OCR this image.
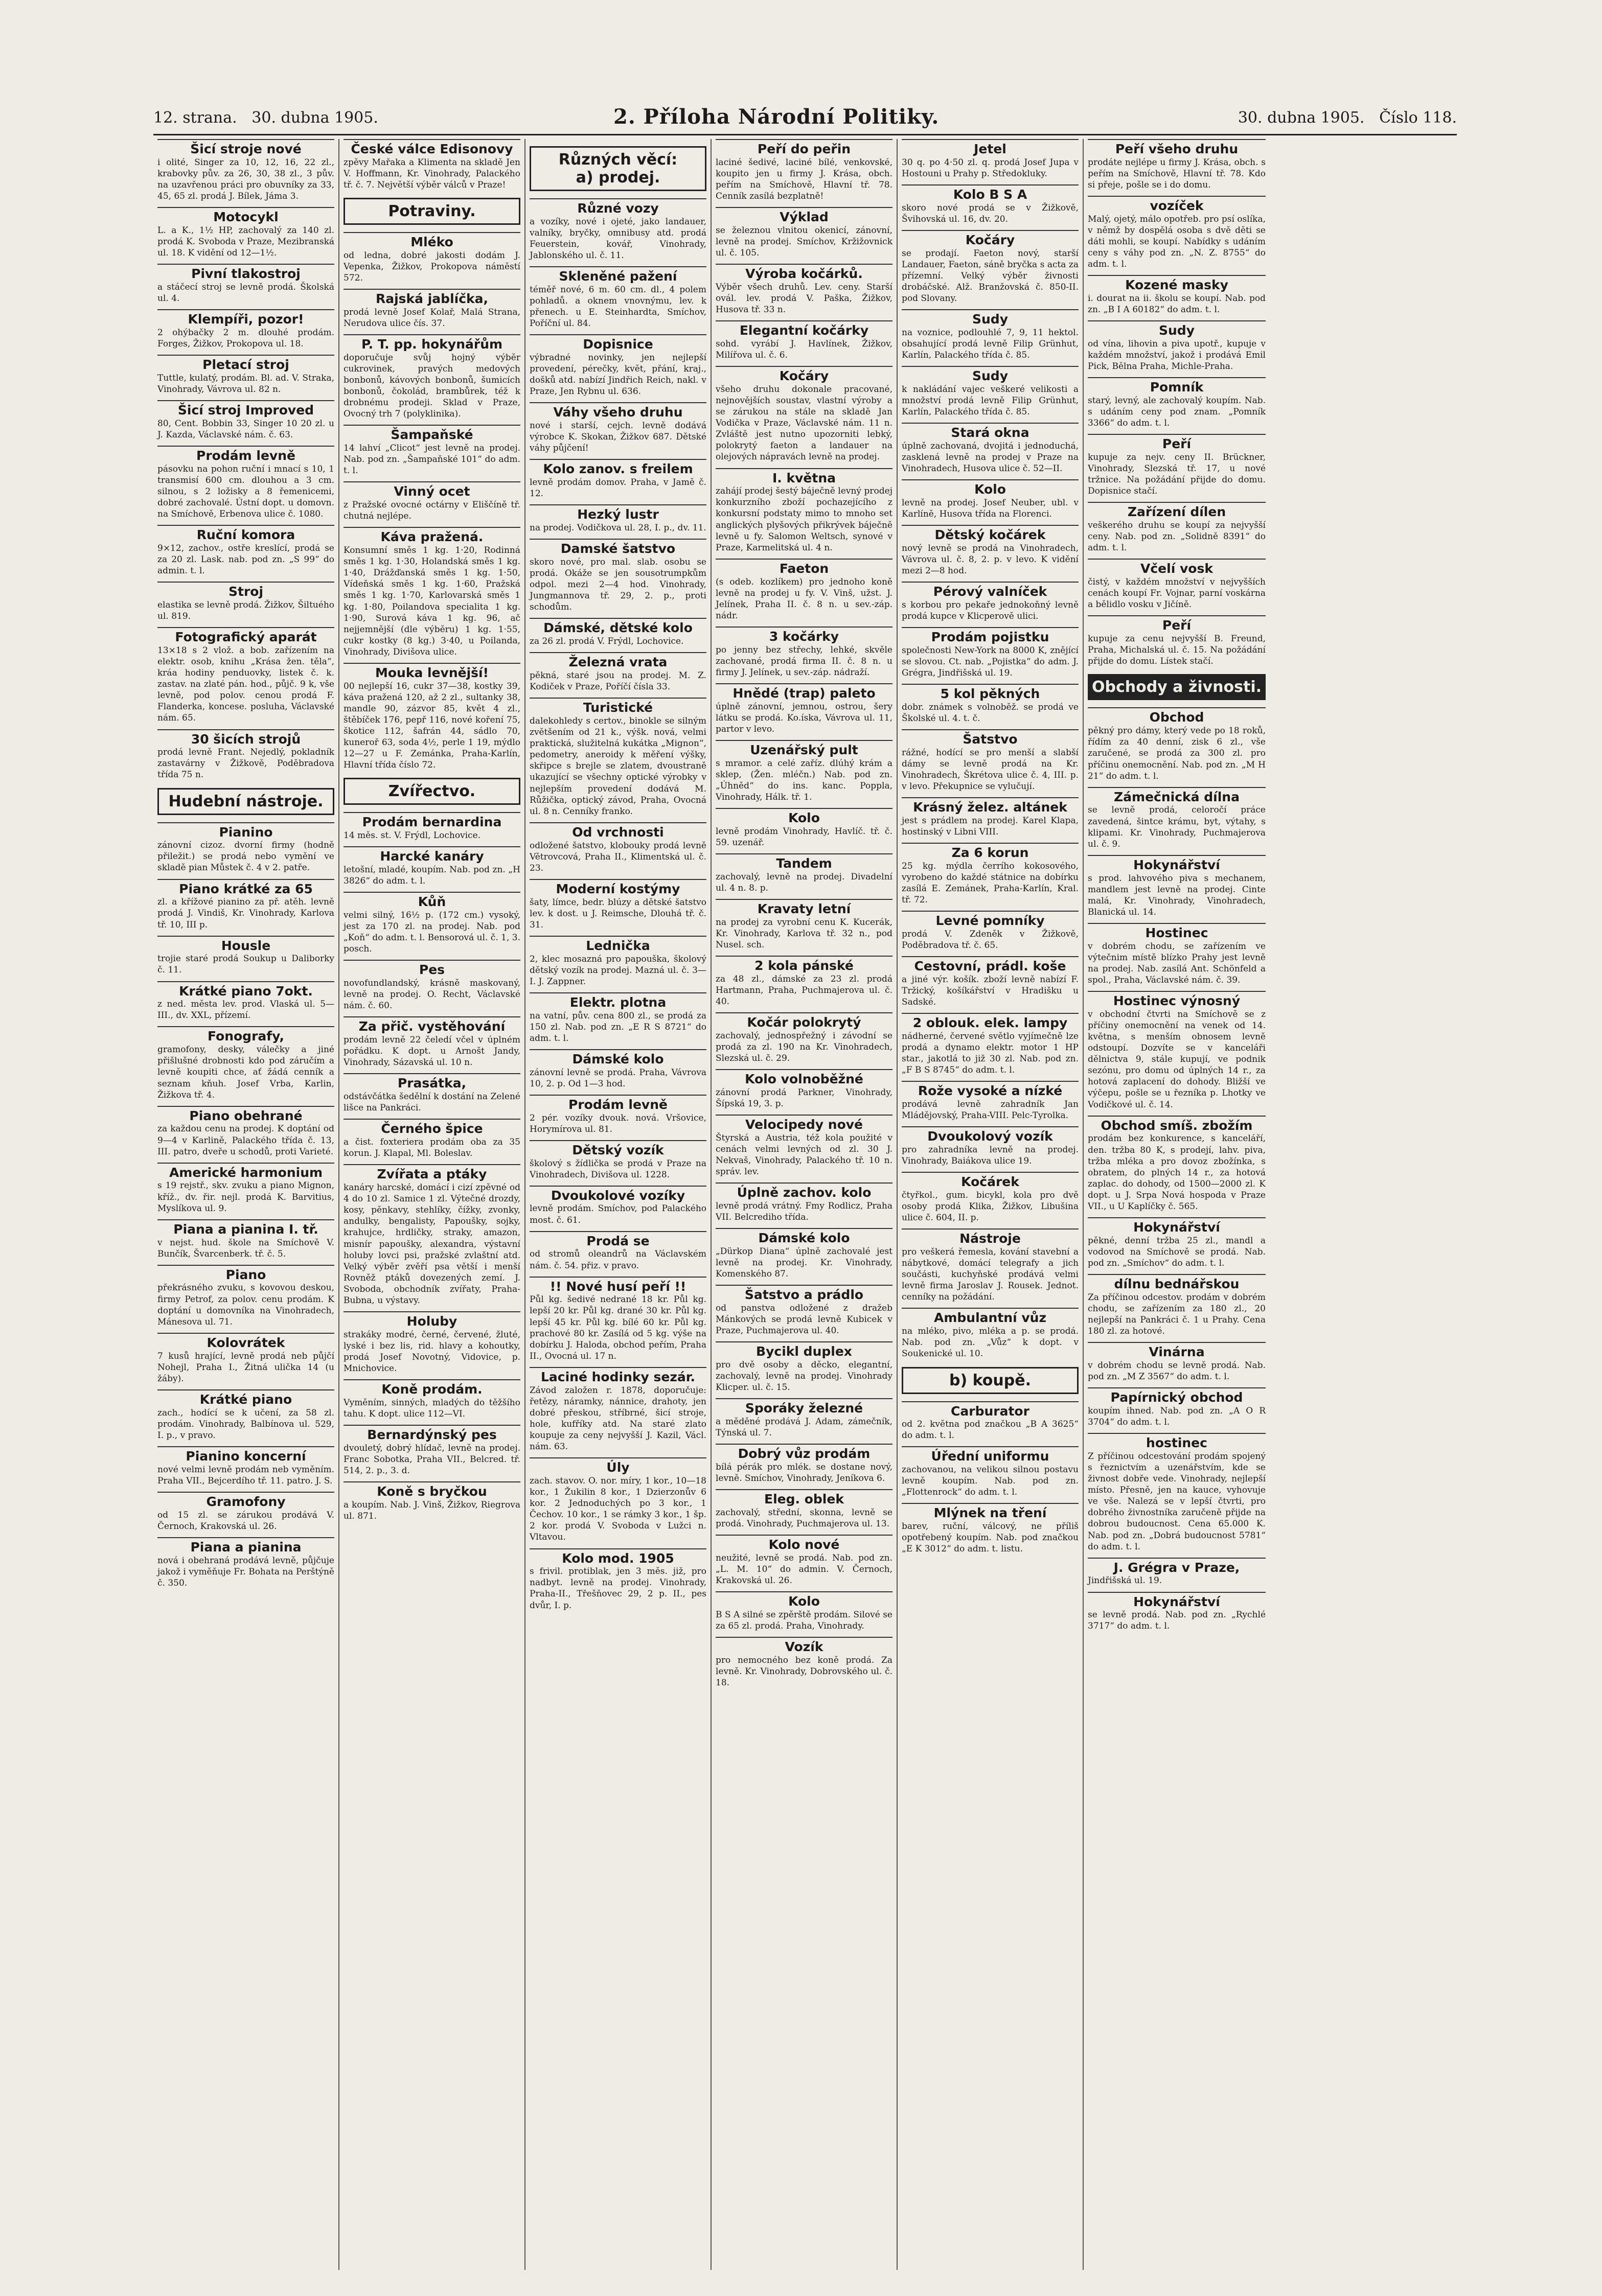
12. strana. 30. dubna 1905.	2. Příloha Národní Politiky.	30. dubna 1905. Číslo 118.
Šicí stroje nové
i olité, Singer za 10, 12, 16, 22 zl., krabovky pův. za 26, 30, 38 zl., 3 pův. na uzavřenou práci pro obuvníky za 33, 45, 65 zl. prodá J. Bílek, Jáma 3.
Motocykl
L. a K., 1½ HP, zachovalý za 140 zl. prodá K. Svoboda v Praze, Mezibranská ul. 18. K vidění od 12—1½.
Pivní tlakostroj
a stáčecí stroj se levně prodá. Školská ul. 4.
Klempíři, pozor!
2 ohýbačky 2 m. dlouhé prodám. Forges, Žižkov, Prokopova ul. 18.
Pletací stroj
Tuttle, kulatý, prodám. Bl. ad. V. Straka, Vinohrady, Vávrova ul. 82 n.
Šicí stroj Improved
80, Cent. Bobbin 33, Singer 10 20 zl. u J. Kazda, Václavské nám. č. 63.
Prodám levně
pásovku na pohon ruční i mnací s 10, 1 transmisí 600 cm. dlouhou a 3 cm. silnou, s 2 ložisky a 8 řemenicemi, dobré zachovalé. Ústní dopt. u domovn. na Smíchově, Erbenova ulice č. 1080.
Ruční komora
9×12, zachov., ostře kreslící, prodá se za 20 zl. Lask. nab. pod zn. „S 99“ do admin. t. l.
Stroj
elastika se levně prodá. Žižkov, Šiltuého ul. 819.
Fotografický aparát
13×18 s 2 vlož. a bob. zařízením na elektr. osob, knihu „Krása žen. těla“, kráa hodiny penduovky, listek č. k. zastav. na zlaté pán. hod., půjč. 9 k, vše levně, pod polov. cenou prodá F. Flanderka, koncese. posluha, Václavské nám. 65.
30 šicích strojů
prodá levně Frant. Nejedlý, pokladník zastavárny v Žižkově, Poděbradova třída 75 n.
Hudební nástroje.
Pianino
zánovní cizoz. dvorní firmy (hodně přiležit.) se prodá nebo vymění ve skladě pian Můstek č. 4 v 2. patře.
Piano krátké za 65
zl. a křížové pianino za př. atěh. levně prodá J. Vindiš, Kr. Vinohrady, Karlova tř. 10, III p.
Housle
trojie staré prodá Soukup u Daliborky č. 11.
Krátké piano 7okt.
z ned. města lev. prod. Vlaská ul. 5—III., dv. XXL, přízemí.
Fonografy,
gramofony, desky, válečky a jiné přišlušné drobnosti kdo pod záručím a levně koupiti chce, ať žádá cenník a seznam kňuh. Josef Vrba, Karlin, Žižkova tř. 4.
Piano obehrané
za každou cenu na prodej. K doptání od 9—4 v Karlině, Palackého třída č. 13, III. patro, dveře u schodů, proti Varieté.
Americké harmonium
s 19 rejstř., skv. zvuku a piano Mignon, kříž., dv. řir. nejl. prodá K. Barvitius, Myslíkova ul. 9.
Piana a pianina I. tř.
v nejst. hud. škole na Smíchově V. Bunčík, Švarcenberk. tř. č. 5.
Piano
překrásného zvuku, s kovovou deskou, firmy Petrof, za polov. cenu prodám. K doptání u domovníka na Vinohradech, Mánesova ul. 71.
Kolovrátek
7 kusů hrající, levně prodá neb půjčí Nohejl, Praha I., Žitná ulička 14 (u žáby).
Krátké piano
zach., hodící se k učení, za 58 zl. prodám. Vinohrady, Balbínova ul. 529, I. p., v pravo.
Pianino koncerní
nové velmi levně prodám neb vyměním. Praha VII., Bejcerdího tř. 11. patro. J. S.
Gramofony
od 15 zl. se zárukou prodává V. Černoch, Krakovská ul. 26.
Piana a pianina
nová i obehraná prodává levně, půjčuje jakož i vyměňuje Fr. Bohata na Perštýně č. 350.
České válce Edisonovy
zpěvy Mařaka a Klimenta na skladě Jen V. Hoffmann, Kr. Vinohrady, Palackého tř. č. 7. Největší výběr válců v Praze!
Potraviny.
Mléko
od ledna, dobré jakosti dodám J. Vepenka, Žižkov, Prokopova náměstí 572.
Rajská jablíčka,
prodá levně Josef Kolař, Malá Strana, Nerudova ulice čís. 37.
P. T. pp. hokynářům
doporučuje svůj hojný výběr cukrovinek, pravých medových bonbonů, kávových bonbonů, šumicích bonbonů, čokolád, brambůrek, též k drobnému prodeji. Sklad v Praze, Ovocný trh 7 (polyklinika).
Šampaňské
14 lahví „Clicot“ jest levně na prodej. Nab. pod zn. „Šampaňské 101“ do adm. t. l.
Vinný ocet
z Pražské ovocné octárny v Eliščíně tř. chutná nejlépe.
Káva pražená.
Konsumní směs 1 kg. 1·20, Rodinná směs 1 kg. 1·30, Holandská směs 1 kg. 1·40, Drážďanská směs 1 kg. 1·50, Vídeňská směs 1 kg. 1·60, Pražská směs 1 kg. 1·70, Karlovarská směs 1 kg. 1·80, Poilandova specialita 1 kg. 1·90, Surová káva 1 kg. 96, ač nejjemnější (dle výběru) 1 kg. 1·55, cukr kostky (8 kg.) 3·40, u Poilanda, Vinohrady, Divišova ulice.
Mouka levnější!
00 nejlepší 16, cukr 37—38, kostky 39, káva pražená 120, až 2 zl., sultanky 38, mandle 90, zázvor 85, květ 4 zl., štěbíček 176, pepř 116, nové koření 75, škotice 112, šafrán 44, sádlo 70, kuneroř 63, soda 4½, perle 1 19, mýdlo 12—27 u F. Zemánka, Praha-Karlín, Hlavní třída číslo 72.
Zvířectvo.
Prodám bernardina
14 měs. st. V. Frýdl, Lochovice.
Harcké kanáry
letošní, mladé, koupím. Nab. pod zn. „H 3826“ do adm. t. l.
Kůň
velmi silný, 16½ p. (172 cm.) vysoký, jest za 170 zl. na prodej. Nab. pod „Koň“ do adm. t. l. Bensorová ul. č. 1, 3. posch.
Pes
novofundlandský, krásně maskovaný, levně na prodej. O. Recht, Václavské nám. č. 60.
Za přič. vystěhování
prodám levně 22 čeledí včel v úplném pořádku. K dopt. u Arnošt Jandy, Vinohrady, Sázavská ul. 10 n.
Prasátka,
odstávčátka šedělní k dostání na Zelené lišce na Pankráci.
Černého špice
a čist. foxteriera prodám oba za 35 korun. J. Klapal, Ml. Boleslav.
Zvířata a ptáky
kanáry harcské, domácí i cizí zpěvné od 4 do 10 zl. Samice 1 zl. Výtečné drozdy, kosy, pěnkavy, stehlíky, čížky, zvonky, andulky, bengalisty, Papoušky, sojky, krahujce, hrdličky, straky, amazon, misnír papoušky, alexandra, výstavní holuby lovci psi, pražské zvlaštní atd. Velký výběr zvěří psa větší i menší Rovněž ptáků dovezených zemí. J. Svoboda, obchodník zvířaty, Praha-Bubna, u výstavy.
Holuby
strakáky modré, černé, červené, žluté, lyské i bez lis, rid. hlavy a kohoutky, prodá Josef Novotný, Vidovice, p. Mnichovice.
Koně prodám.
Vyměním, sinných, mladých do těžšího tahu. K dopt. ulice 112—VI.
Bernardýnský pes
dvouletý, dobrý hlídač, levně na prodej. Franc Sobotka, Praha VII., Belcred. tř. 514, 2. p., 3. d.
Koně s bryčkou
a koupím. Nab. J. Vinš, Žižkov, Riegrova ul. 871.
Různých věcí:
a) prodej.
Různé vozy
a vozíky, nové i ojeté, jako landauer, valníky, bryčky, omnibusy atd. prodá Feuerstein, kovář, Vinohrady, Jablonského ul. č. 11.
Skleněné pažení
téměř nové, 6 m. 60 cm. dl., 4 polem pohladů. a oknem vnovnýmu, lev. k přenech. u E. Steinhardta, Smíchov, Poříční ul. 84.
Dopisnice
výbradné novinky, jen nejlepší provedení, pérečky, květ, přání, kraj., došků atd. nabízí Jindřich Reich, nakl. v Praze, Jen Rybnu ul. 636.
Váhy všeho druhu
nové i starší, cejch. levně dodává výrobce K. Skokan, Žižkov 687. Dětské váhy půjčení!
Kolo zanov. s freilem
levně prodám domov. Praha, v Jamě č. 12.
Hezký lustr
na prodej. Vodičkova ul. 28, I. p., dv. 11.
Damské šatstvo
skoro nové, pro mal. slab. osobu se prodá. Okáže se jen sousotrumpkům odpol. mezi 2—4 hod. Vinohrady, Jungmannova tř. 29, 2. p., proti schodům.
Dámské, dětské kolo
za 26 zl. prodá V. Frýdl, Lochovice.
Železná vrata
pěkná, staré jsou na prodej. M. Z. Kodiček v Praze, Poříčí čísla 33.
Turistické
dalekohledy s certov., binokle se silným zvětšením od 21 k., výšk. nová, velmi praktická, služitelná kukátka „Mignon“, pedometry, aneroidy k měření výšky, skřipce s brejle se zlatem, dvoustraně ukazující se všechny optické výrobky v nejlepším provedení dodává M. Růžička, optický závod, Praha, Ovocná ul. 8 n. Cenníky franko.
Od vrchnosti
odložené šatstvo, klobouky prodá levně Větrovcová, Praha II., Klimentská ul. č. 23.
Moderní kostýmy
šaty, límce, bedr. blúzy a dětské šatstvo lev. k dost. u J. Reimsche, Dlouhá tř. č. 31.
Lednička
2, klec mosazná pro papouška, školový dětský vozík na prodej. Mazná ul. č. 3—I. J. Zappner.
Elektr. plotna
na vatní, pův. cena 800 zl., se prodá za 150 zl. Nab. pod zn. „E R S 8721“ do adm. t. l.
Dámské kolo
zánovní levně se prodá. Praha, Vávrova 10, 2. p. Od 1—3 hod.
Prodám levně
2 pér. vozíky dvouk. nová. Vršovice, Horymírova ul. 81.
Dětský vozík
školový s žídlička se prodá v Praze na Vinohradech, Divišova ul. 1228.
Dvoukolové vozíky
levně prodám. Smíchov, pod Palackého most. č. 61.
Prodá se
od stromů oleandrů na Václavském nám. č. 54. přiz. v pravo.
!! Nové husí peří !!
Půl kg. šedivé nedrané 18 kr. Půl kg. lepší 20 kr. Půl kg. drané 30 kr. Půl kg. lepší 45 kr. Půl kg. bílé 60 kr. Půl kg. prachové 80 kr. Zasílá od 5 kg. výše na dobírku J. Haloda, obchod peřím, Praha II., Ovocná ul. 17 n.
Laciné hodinky sezár.
Závod založen r. 1878, doporučuje: řetězy, náramky, nánnice, drahoty, jen dobré přeskou, stříbrné, šicí stroje, hole, kufříky atd. Na staré zlato koupuje za ceny nejvyšší J. Kazil, Václ. nám. 63.
Úly
zach. stavov. O. nor. míry, 1 kor., 10—18 kor., 1 Žukilin 8 kor., 1 Dzierzonův 6 kor. 2 Jednoduchých po 3 kor., 1 Čechov. 10 kor., 1 se rámky 3 kor., 1 šp. 2 kor. prodá V. Svoboda v Lužci n. Vltavou.
Kolo mod. 1905
s frivil. protiblak, jen 3 měs. již, pro nadbyt. levně na prodej. Vinohrady, Praha-II., Třešňovec 29, 2 p. II., pes dvůr, I. p.
Peří do peřin
laciné šedivé, laciné bílé, venkovské, koupito jen u firmy J. Krása, obch. peřím na Smíchově, Hlavní tř. 78. Cenník zasílá bezplatně!
Výklad
se železnou vlnitou okenicí, zánovní, levně na prodej. Smíchov, Kržižovnick ul. č. 105.
Výroba kočárků.
Výběr všech druhů. Lev. ceny. Starší ovál. lev. prodá V. Paška, Žižkov, Husova tř. 33 n.
Elegantní kočárky
sohd. vyrábí J. Havlínek, Žižkov, Milířova ul. č. 6.
Kočáry
všeho druhu dokonale pracované, nejnovějších soustav, vlastní výroby a se zárukou na stále na skladě Jan Vodička v Praze, Václavské nám. 11 n. Zvláště jest nutno upozorniti lebký, polokrytý faeton a landauer na olejových nápravách levně na prodej.
I. května
zahájí prodej šestý báječně levný prodej konkurzního zboží pochazejícího z konkursní podstaty mimo to mnoho set anglických plyšových přikrývek báječně levně u fy. Salomon Weltsch, synové v Praze, Karmelitská ul. 4 n.
Faeton
(s odeb. kozlíkem) pro jednoho koně levně na prodej u fy. V. Vinš, užst. J. Jelínek, Praha II. č. 8 n. u sev.-záp. nádr.
3 kočárky
po jenny bez střechy, lehké, skvěle zachované, prodá firma II. č. 8 n. u firmy J. Jelínek, u sev.-záp. nádraží.
Hnědé (trap) paleto
úplně zánovní, jemnou, ostrou, šery látku se prodá. Ko.íska, Vávrova ul. 11, partor v levo.
Uzenářský pult
s mramor. a celé zaříz. dlúhý krám a sklep, (Žen. mléčn.) Nab. pod zn. „Úhněd“ do ins. kanc. Poppla, Vinohrady, Hálk. tř. 1.
Kolo
levně prodám Vinohrady, Havlíč. tř. č. 59. uzenář.
Tandem
zachovalý, levně na prodej. Divadelní ul. 4 n. 8. p.
Kravaty letní
na prodej za vyrobní cenu K. Kucerák, Kr. Vinohrady, Karlova tř. 32 n., pod Nusel. sch.
2 kola pánské
za 48 zl., dámské za 23 zl. prodá Hartmann, Praha, Puchmajerova ul. č. 40.
Kočár polokrytý
zachovalý, jednospřežný i závodní se prodá za zl. 190 na Kr. Vinohradech, Slezská ul. č. 29.
Kolo volnoběžné
zánovní prodá Parkner, Vinohrady, Šípská 19, 3. p.
Velocipedy nové
Štyrská a Austria, též kola použité v cenách velmi levných od zl. 30 J. Nekvaš, Vinohrady, Palackého tř. 10 n. správ. lev.
Úplně zachov. kolo
levně prodá vrátný. Fmy Rodlicz, Praha VII. Belcrediho třída.
Dámské kolo
„Dürkop Diana“ úplně zachovalé jest levně na prodej. Kr. Vinohrady, Komenského 87.
Šatstvo a prádlo
od panstva odložené z dražeb Mánkových se prodá levně Kubicek v Praze, Puchmajerova ul. 40.
Bycikl duplex
pro dvě osoby a děcko, elegantní, zachovalý, levně na prodej. Vinohrady Klicper. ul. č. 15.
Sporáky železné
a měděné prodává J. Adam, zámečník, Týnská ul. 7.
Dobrý vůz prodám
bílá pérák pro mlék. se dostane nový, levně. Smíchov, Vinohrady, Jeníkova 6.
Eleg. oblek
zachovalý, střední, skonna, levně se prodá. Vinohrady, Puchmajerova ul. 13.
Kolo nové
neužité, levně se prodá. Nab. pod zn. „L. M. 10“ do admin. V. Černoch, Krakovská ul. 26.
Kolo
B S A silné se zpěrště prodám. Silové se za 65 zl. prodá. Praha, Vinohrady.
Vozík
pro nemocného bez koně prodá. Za levně. Kr. Vinohrady, Dobrovského ul. č. 18.
Jetel
30 q. po 4·50 zl. q. prodá Josef Jupa v Hostouni u Prahy p. Středokluky.
Kolo B S A
skoro nové prodá se v Žižkově, Švihovská ul. 16, dv. 20.
Kočáry
se prodají. Faeton nový, starší Landauer, Faeton, sáně bryčka s acta za přízemní. Velký výběr živnosti drobáčské. Alž. Branžovská č. 850-II. pod Slovany.
Sudy
na voznice, podlouhlé 7, 9, 11 hektol. obsahující prodá levně Filip Grünhut, Karlín, Palackého třída č. 85.
Sudy
k nakládání vajec veškeré velikosti a množství prodá levně Filip Grünhut, Karlín, Palackého třída č. 85.
Stará okna
úplně zachovaná, dvojitá i jednoduchá, zasklená levně na prodej v Praze na Vinohradech, Husova ulice č. 52—II.
Kolo
levně na prodej. Josef Neuber, ubl. v Karlíně, Husova třída na Florenci.
Dětský kočárek
nový levně se prodá na Vinohradech, Vávrova ul. č. 8, 2. p. v levo. K vidění mezi 2—8 hod.
Pérový valníček
s korbou pro pekaře jednokoňný levně prodá kupce v Klicperově ulici.
Prodám pojistku
společnosti New-York na 8000 K, znějící se slovou. Ct. nab. „Pojistka“ do adm. J. Grégra, Jindřišská ul. 19.
5 kol pěkných
dobr. známek s volnoběž. se prodá ve Školské ul. 4. t. č.
Šatstvo
rážné, hodící se pro menší a slabší dámy se levně prodá na Kr. Vinohradech, Škrétova ulice č. 4, III. p. v levo. Překupnice se vylučují.
Krásný želez. altánek
jest s prádlem na prodej. Karel Klapa, hostinský v Libni VIII.
Za 6 korun
25 kg. mýdla čerrího kokosového, vyrobeno do každé státnice na dobírku zasílá E. Zemánek, Praha-Karlín, Kral. tř. 72.
Levné pomníky
prodá V. Zdeněk v Žižkově, Poděbradova tř. č. 65.
Cestovní, prádl. koše
a jiné výr. košík. zboží levně nabízí F. Tržický, košíkářství v Hradišku u Sadské.
2 oblouk. elek. lampy
nádherné, červené světlo vyjímečně lze prodá a dynamo elektr. motor 1 HP star., jakotlá to již 30 zl. Nab. pod zn. „F B S 8745“ do adm. t. l.
Rože vysoké a nízké
prodává levně zahradník Jan Mládějovský, Praha-VIII. Pelc-Tyrolka.
Dvoukolový vozík
pro zahradníka levně na prodej. Vinohrady, Baiákova ulice 19.
Kočárek
čtyřkol., gum. bicykl, kola pro dvě osoby prodá Klika, Žižkov, Libušina ulice č. 604, II. p.
Nástroje
pro veškerá řemesla, kování stavební a nábytkové, domácí telegrafy a jich součásti, kuchyňské prodává velmi levně firma Jaroslav J. Rousek. Jednot. cenníky na požádání.
Ambulantní vůz
na mléko, pivo, mléka a p. se prodá. Nab. pod zn. „Vůz“ k dopt. v Soukenické ul. 10.
b) koupě.
Carburator
od 2. května pod značkou „B A 3625“ do adm. t. l.
Úřední uniformu
zachovanou, na velikou silnou postavu levně koupím. Nab. pod zn. „Flottenrock“ do adm. t. l.
Mlýnek na tření
barev, ruční, válcový, ne příliš opotřebený koupím. Nab. pod značkou „E K 3012“ do adm. t. listu.
Peří všeho druhu
prodáte nejlépe u firmy J. Krása, obch. s peřím na Smíchově, Hlavní tř. 78. Kdo si přeje, pošle se i do domu.
vozíček
Malý, ojetý, málo opotřeb. pro psí oslíka, v němž by dospělá osoba s dvě děti se dáti mohli, se koupí. Nabídky s udáním ceny s váhy pod zn. „N. Z. 8755“ do adm. t. l.
Kozené masky
i. dourat na ii. školu se koupí. Nab. pod zn. „B I A 60182“ do adm. t. l.
Sudy
od vína, lihovin a piva upotř., kupuje v každém množství, jakož i prodává Emil Pick, Bělna Praha, Michle-Praha.
Pomník
starý, levný, ale zachovalý koupím. Nab. s udáním ceny pod znam. „Pomník 3366“ do adm. t. l.
Peří
kupuje za nejv. ceny II. Brückner, Vinohrady, Slezská tř. 17, u nové tržnice. Na požádání přijde do domu. Dopisnice stačí.
Zařízení dílen
veškerého druhu se koupí za nejvyšší ceny. Nab. pod zn. „Solidně 8391“ do adm. t. l.
Včelí vosk
čistý, v každém množství v nejvyšších cenách koupí Fr. Vojnar, parní voskárna a bělidlo vosku v Jičíně.
Peří
kupuje za cenu nejvyšší B. Freund, Praha, Michalská ul. č. 15. Na požádání přijde do domu. Lístek stačí.
Obchody a živnosti.
Obchod
pěkný pro dámy, který vede po 18 roků, řídím za 40 denní, zisk 6 zl., vše zaručené, se prodá za 300 zl. pro příčinu onemocnění. Nab. pod zn. „M H 21“ do adm. t. l.
Zámečnická dílna
se levně prodá, celoročí práce zavedená, šintce krámu, byt, výtahy, s klipami. Kr. Vinohrady, Puchmajerova ul. č. 9.
Hokynářství
s prod. lahvového piva s mechanem, mandlem jest levně na prodej. Cinte malá, Kr. Vinohrady, Vinohradech, Blanická ul. 14.
Hostinec
v dobrém chodu, se zařízením ve výtečnim místě blízko Prahy jest levně na prodej. Nab. zasílá Ant. Schönfeld a spol., Praha, Václavské nám. č. 39.
Hostinec výnosný
v obchodní čtvrti na Smíchově se z příčiny onemocnění na venek od 14. května, s menším obnosem levně odstoupí. Dozvíte se v kanceláři dělnictva 9, stále kupují, ve podnik sezónu, pro domu od úplných 14 r., za hotová zaplacení do dohody. Bližší ve výčepu, pošle se u řezníka p. Lhotky ve Vodičkové ul. č. 14.
Obchod smíš. zbožím
prodám bez konkurence, s kanceláří, den. tržba 80 K, s prodejí, lahv. piva, tržba mléka a pro dovoz zbožínka, s obratem, do plných 14 r., za hotová zaplac. do dohody, od 1500—2000 zl. K dopt. u J. Srpa Nová hospoda v Praze VII., u U Kaplíčky č. 565.
Hokynářství
pěkné, denní tržba 25 zl., mandl a vodovod na Smíchově se prodá. Nab. pod zn. „Smíchov“ do adm. t. l.
dílnu bednářskou
Za příčinou odcestov. prodám v dobrém chodu, se zařízením za 180 zl., 20 nejlepší na Pankráci č. 1 u Prahy. Cena 180 zl. za hotové.
Vinárna
v dobrém chodu se levně prodá. Nab. pod zn. „M Z 3567“ do adm. t. l.
Papírnický obchod
koupím ihned. Nab. pod zn. „A O R 3704“ do adm. t. l.
hostinec
Z příčinou odcestování prodám spojený s řeznictvím a uzenářstvím, kde se živnost dobře vede. Vinohrady, nejlepší místo. Přesně, jen na kauce, vyhovuje ve vše. Nalezá se v lepší čtvrti, pro dobrého živnostníka zaručeně přijde na dobrou budoucnost. Cena 65.000 K. Nab. pod zn. „Dobrá budoucnost 5781“ do adm. t. l.
J. Grégra v Praze,
Jindřišská ul. 19.
Hokynářství
se levně prodá. Nab. pod zn. „Rychlé 3717“ do adm. t. l.
